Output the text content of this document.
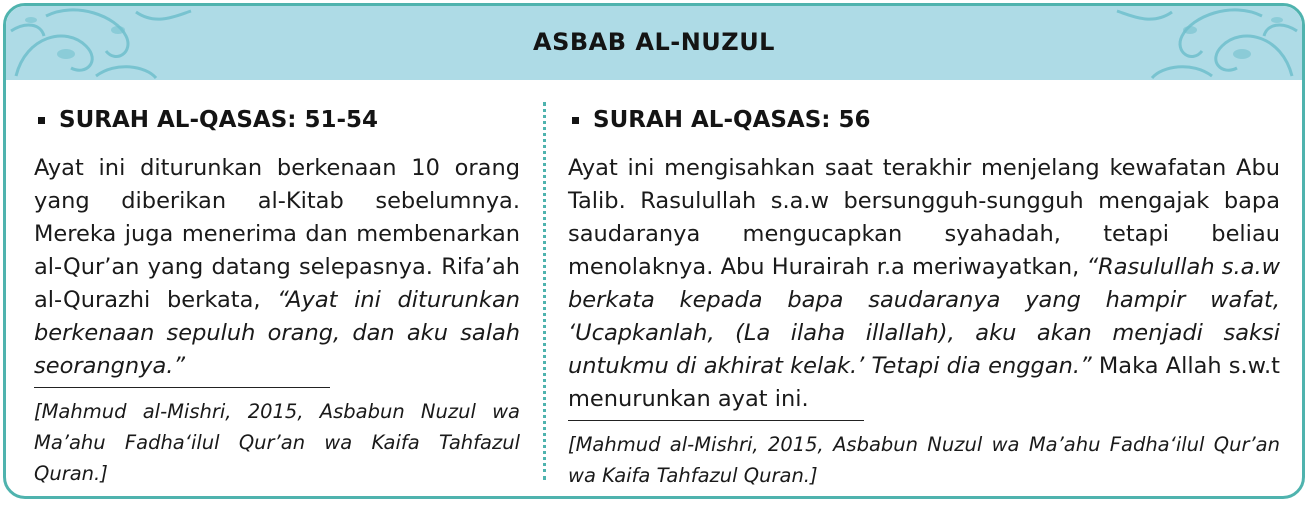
ASBAB AL-NUZUL
SURAH AL-QASAS: 51-54

Ayat ini diturunkan berkenaan 10 orang yang diberikan al-Kitab sebelumnya. Mereka juga menerima dan membenarkan al-Qur’an yang datang selepasnya. Rifa’ah al-Qurazhi berkata, “Ayat ini diturunkan berkenaan sepuluh orang, dan aku salah seorangnya.”

[Mahmud al-Mishri, 2015, Asbabun Nuzul wa Ma’ahu Fadha‘ilul Qur’an wa Kaifa Tahfazul Quran.]

SURAH AL-QASAS: 56

Ayat ini mengisahkan saat terakhir menjelang kewafatan Abu Talib. Rasulullah s.a.w bersungguh-sungguh mengajak bapa saudaranya mengucapkan syahadah, tetapi beliau menolaknya. Abu Hurairah r.a meriwayatkan, “Rasulullah s.a.w berkata kepada bapa saudaranya yang hampir wafat, ‘Ucapkanlah, (La ilaha illallah), aku akan menjadi saksi untukmu di akhirat kelak.’ Tetapi dia enggan.” Maka Allah s.w.t menurunkan ayat ini.

[Mahmud al-Mishri, 2015, Asbabun Nuzul wa Ma’ahu Fadha‘ilul Qur’an wa Kaifa Tahfazul Quran.]
